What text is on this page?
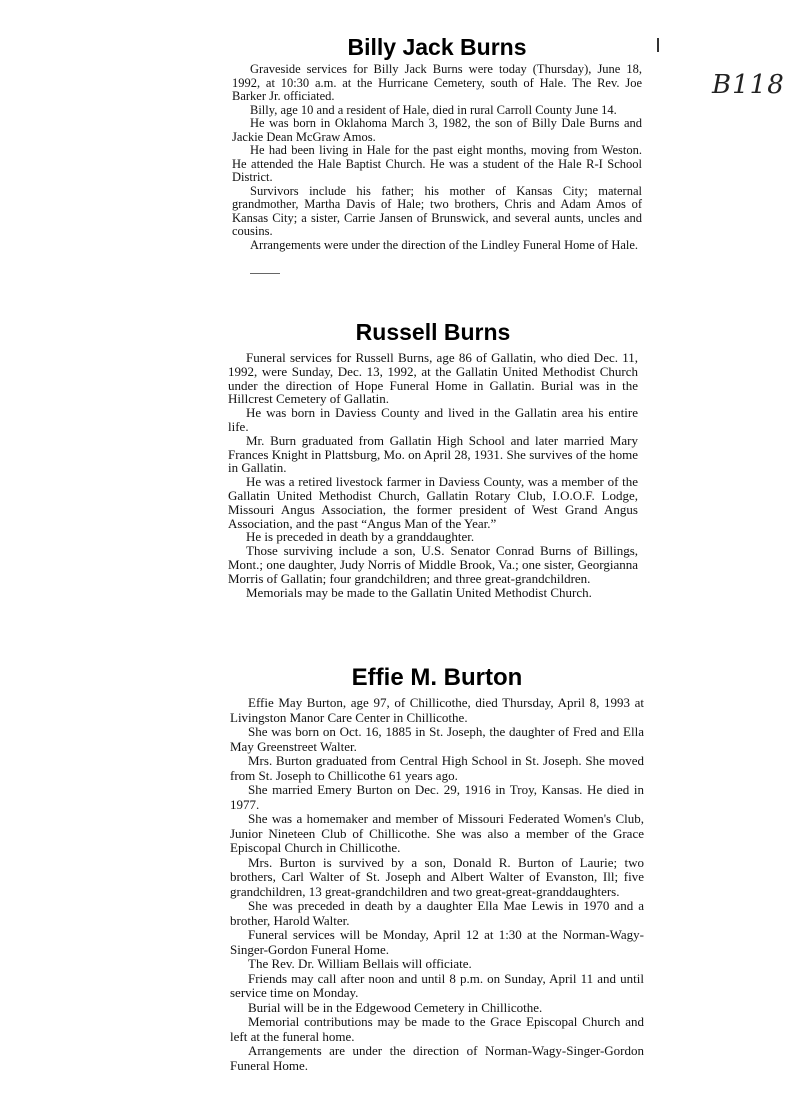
B118
Billy Jack Burns

Graveside services for Billy Jack Burns were today (Thursday), June 18, 1992, at 10:30 a.m. at the Hurricane Cemetery, south of Hale. The Rev. Joe Barker Jr. officiated.

Billy, age 10 and a resident of Hale, died in rural Carroll County June 14.

He was born in Oklahoma March 3, 1982, the son of Billy Dale Burns and Jackie Dean McGraw Amos.

He had been living in Hale for the past eight months, moving from Weston. He attended the Hale Baptist Church. He was a student of the Hale R-I School District.

Survivors include his father; his mother of Kansas City; maternal grandmother, Martha Davis of Hale; two brothers, Chris and Adam Amos of Kansas City; a sister, Carrie Jansen of Brunswick, and several aunts, uncles and cousins.

Arrangements were under the direction of the Lindley Funeral Home of Hale.

Russell Burns

Funeral services for Russell Burns, age 86 of Gallatin, who died Dec. 11, 1992, were Sunday, Dec. 13, 1992, at the Gallatin United Methodist Church under the direction of Hope Funeral Home in Gallatin. Burial was in the Hillcrest Cemetery of Gallatin.

He was born in Daviess County and lived in the Gallatin area his entire life.

Mr. Burn graduated from Gallatin High School and later married Mary Frances Knight in Plattsburg, Mo. on April 28, 1931. She survives of the home in Gallatin.

He was a retired livestock farmer in Daviess County, was a member of the Gallatin United Methodist Church, Gallatin Rotary Club, I.O.O.F. Lodge, Missouri Angus Association, the former president of West Grand Angus Association, and the past “Angus Man of the Year.”

He is preceded in death by a granddaughter.

Those surviving include a son, U.S. Senator Conrad Burns of Billings, Mont.; one daughter, Judy Norris of Middle Brook, Va.; one sister, Georgianna Morris of Gallatin; four grandchildren; and three great-grandchildren.

Memorials may be made to the Gallatin United Methodist Church.

Effie M. Burton

Effie May Burton, age 97, of Chillicothe, died Thursday, April 8, 1993 at Livingston Manor Care Center in Chillicothe.

She was born on Oct. 16, 1885 in St. Joseph, the daughter of Fred and Ella May Greenstreet Walter.

Mrs. Burton graduated from Central High School in St. Joseph. She moved from St. Joseph to Chillicothe 61 years ago.

She married Emery Burton on Dec. 29, 1916 in Troy, Kansas. He died in 1977.

She was a homemaker and member of Missouri Federated Women's Club, Junior Nineteen Club of Chillicothe. She was also a member of the Grace Episcopal Church in Chillicothe.

Mrs. Burton is survived by a son, Donald R. Burton of Laurie; two brothers, Carl Walter of St. Joseph and Albert Walter of Evanston, Ill; five grandchildren, 13 great-grandchildren and two great-great-granddaughters.

She was preceded in death by a daughter Ella Mae Lewis in 1970 and a brother, Harold Walter.

Funeral services will be Monday, April 12 at 1:30 at the Norman-Wagy-Singer-Gordon Funeral Home.

The Rev. Dr. William Bellais will officiate.

Friends may call after noon and until 8 p.m. on Sunday, April 11 and until service time on Monday.

Burial will be in the Edgewood Cemetery in Chillicothe.

Memorial contributions may be made to the Grace Episcopal Church and left at the funeral home.

Arrangements are under the direction of Norman-Wagy-Singer-Gordon Funeral Home.
